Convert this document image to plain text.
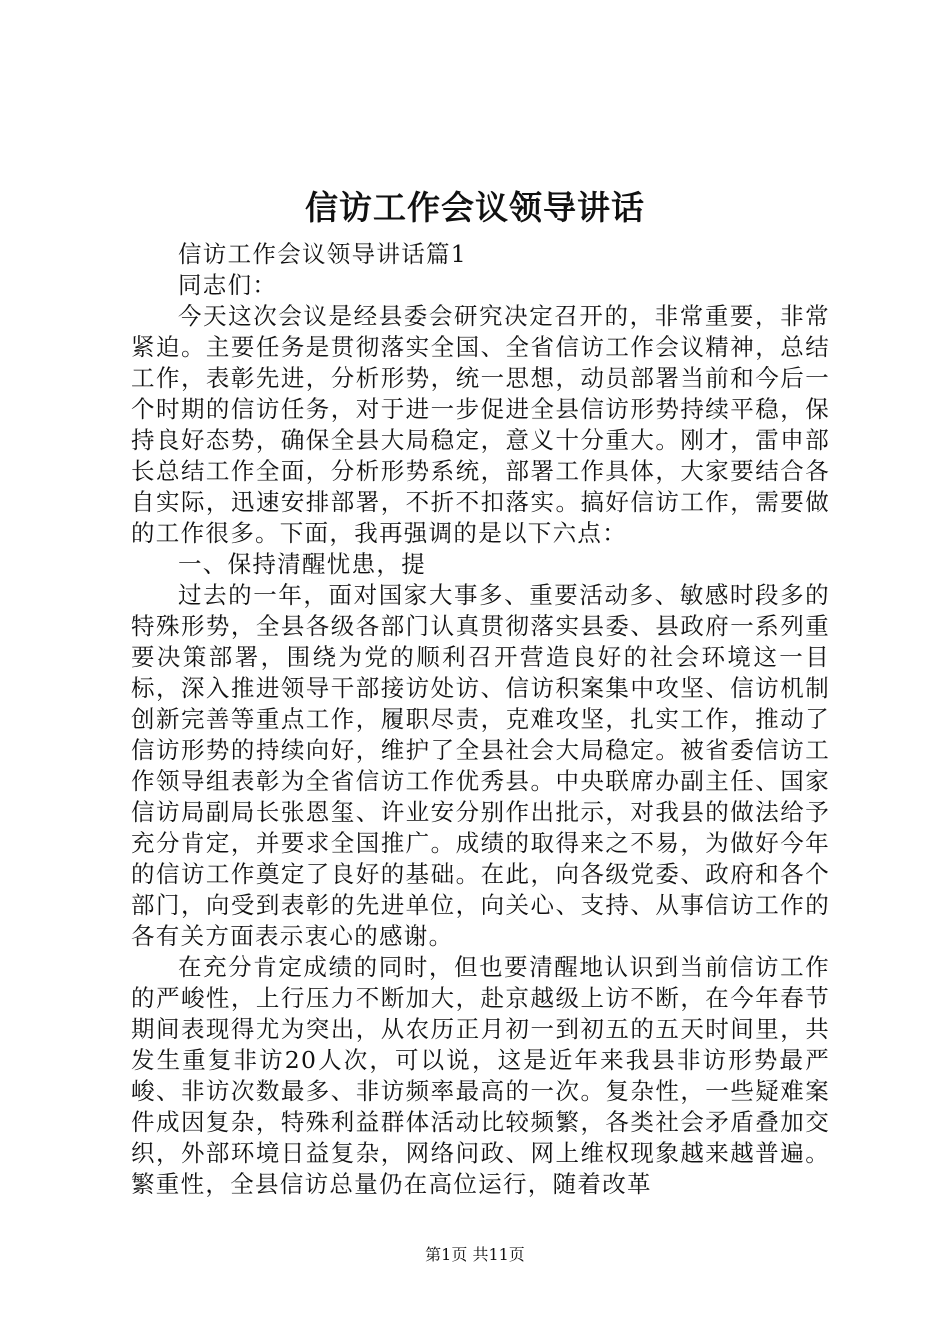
信访工作会议领导讲话

信访工作会议领导讲话篇1

同志们：

今天这次会议是经县委会研究决定召开的，非常重要，非常紧迫。主要任务是贯彻落实全国、全省信访工作会议精神，总结工作，表彰先进，分析形势，统一思想，动员部署当前和今后一个时期的信访任务，对于进一步促进全县信访形势持续平稳，保持良好态势，确保全县大局稳定，意义十分重大。刚才，雷申部长总结工作全面，分析形势系统，部署工作具体，大家要结合各自实际，迅速安排部署，不折不扣落实。搞好信访工作，需要做的工作很多。下面，我再强调的是以下六点：

一、保持清醒忧患，提

过去的一年，面对国家大事多、重要活动多、敏感时段多的特殊形势，全县各级各部门认真贯彻落实县委、县政府一系列重要决策部署，围绕为党的顺利召开营造良好的社会环境这一目标，深入推进领导干部接访处访、信访积案集中攻坚、信访机制创新完善等重点工作，履职尽责，克难攻坚，扎实工作，推动了信访形势的持续向好，维护了全县社会大局稳定。被省委信访工作领导组表彰为全省信访工作优秀县。中央联席办副主任、国家信访局副局长张恩玺、许业安分别作出批示，对我县的做法给予充分肯定，并要求全国推广。成绩的取得来之不易，为做好今年的信访工作奠定了良好的基础。在此，向各级党委、政府和各个部门，向受到表彰的先进单位，向关心、支持、从事信访工作的各有关方面表示衷心的感谢。

在充分肯定成绩的同时，但也要清醒地认识到当前信访工作的严峻性，上行压力不断加大，赴京越级上访不断，在今年春节期间表现得尤为突出，从农历正月初一到初五的五天时间里，共发生重复非访20人次，可以说，这是近年来我县非访形势最严峻、非访次数最多、非访频率最高的一次。复杂性，一些疑难案件成因复杂，特殊利益群体活动比较频繁，各类社会矛盾叠加交织，外部环境日益复杂，网络问政、网上维权现象越来越普遍。繁重性，全县信访总量仍在高位运行，随着改革

第1页 共11页
